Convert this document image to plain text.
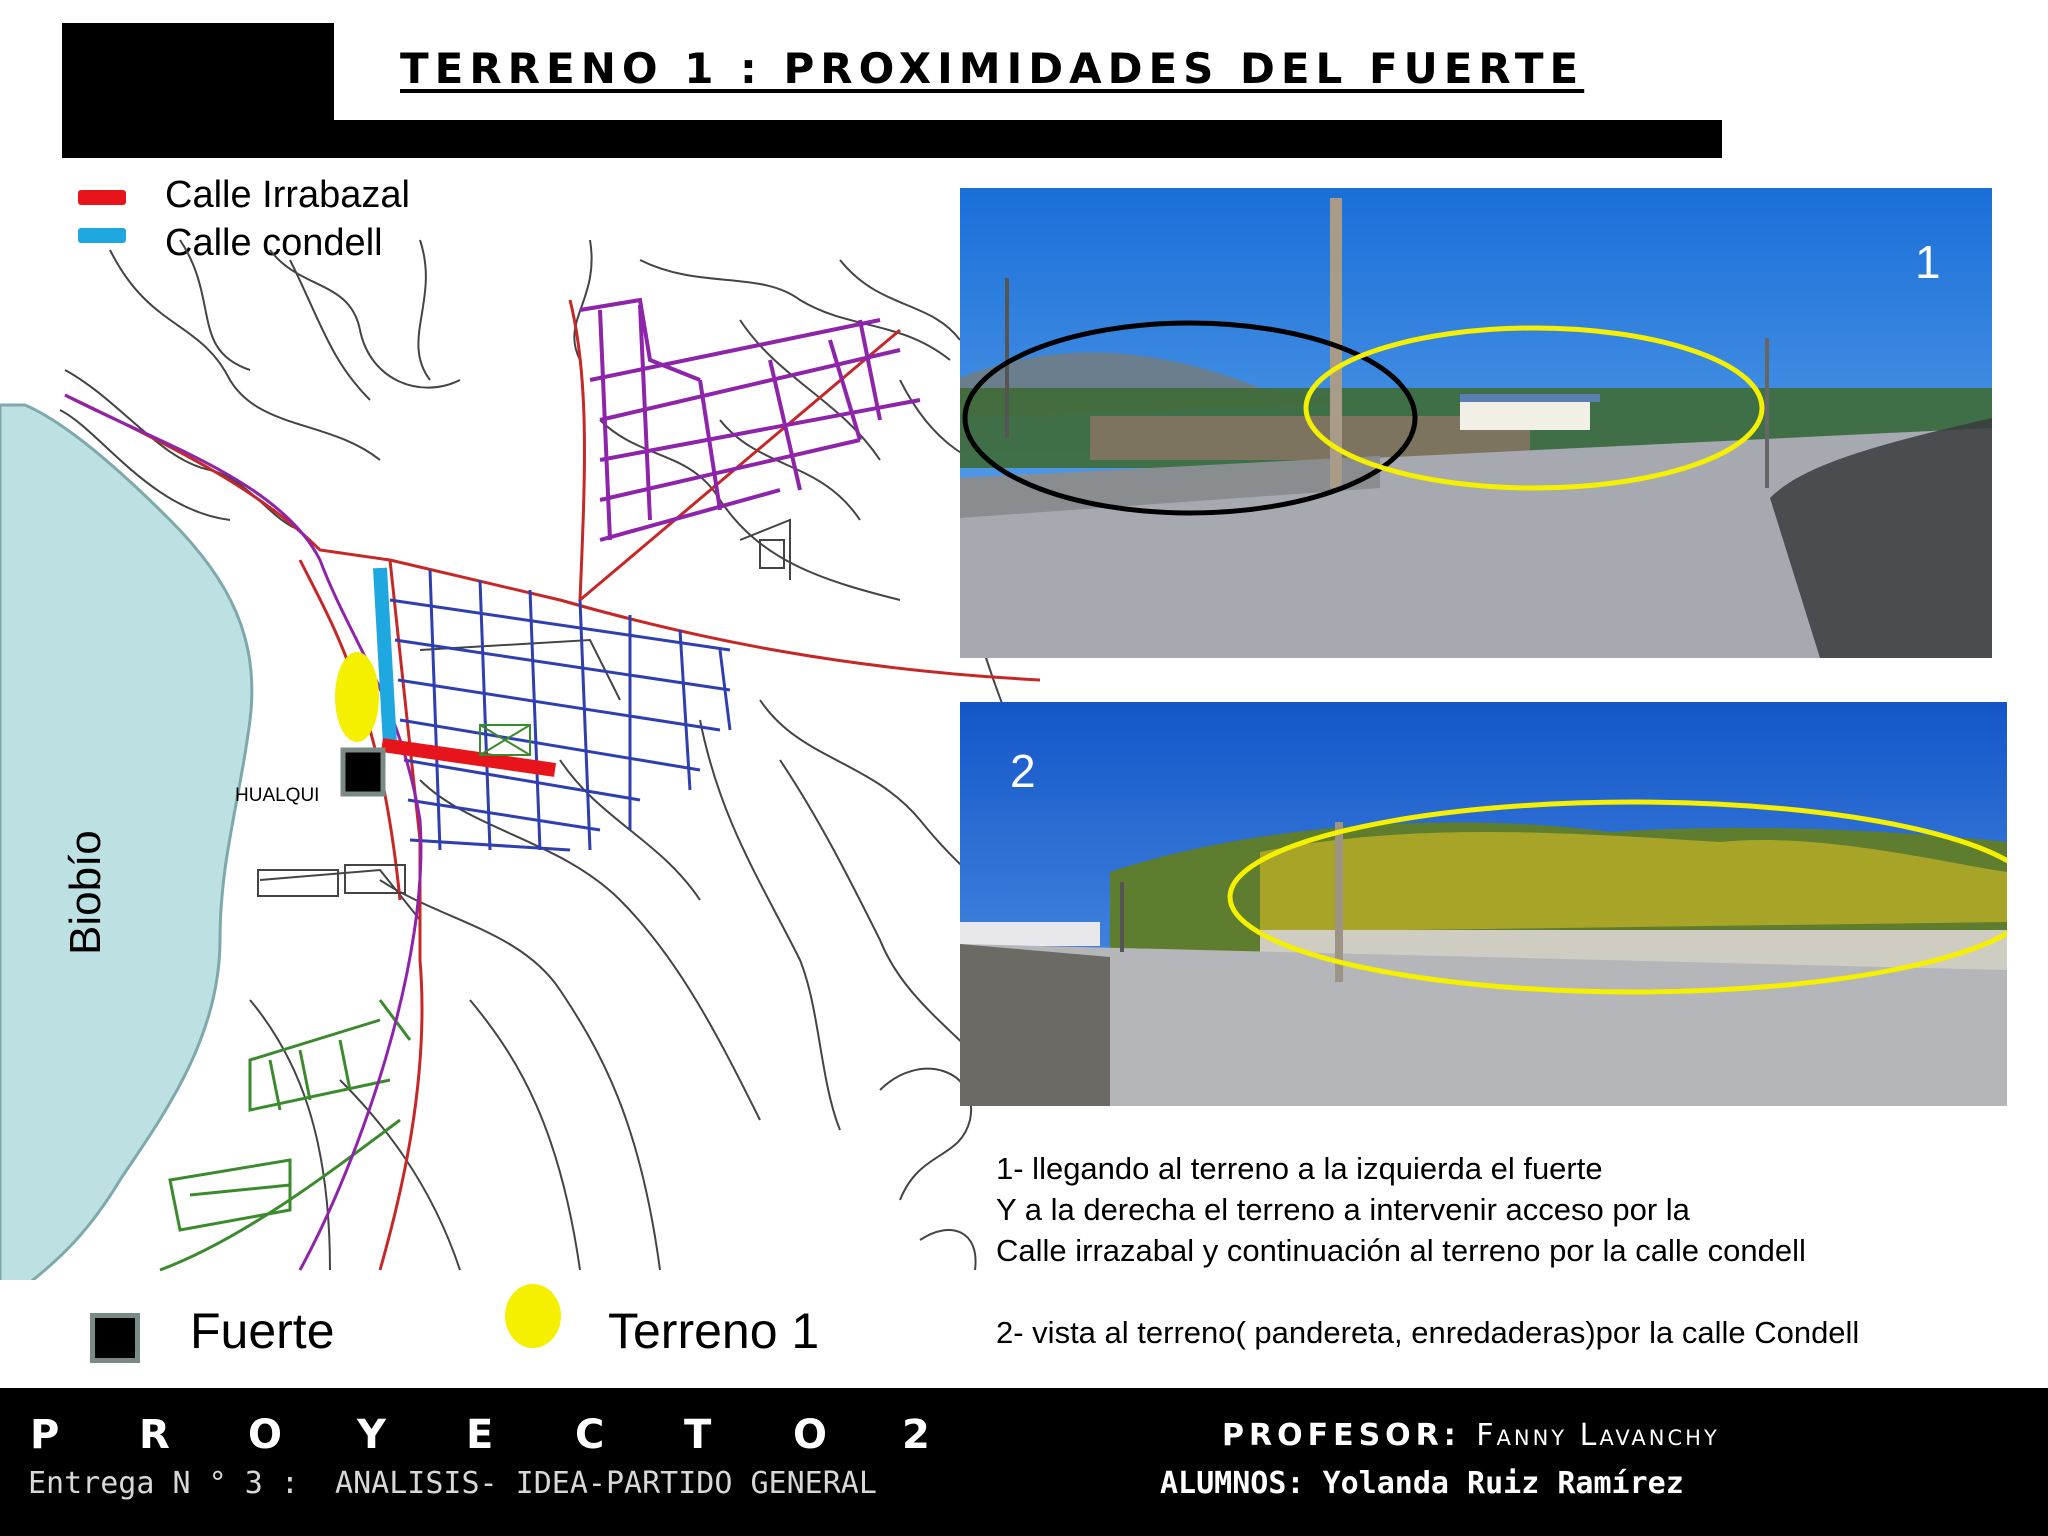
TERRENO 1 : PROXIMIDADES DEL FUERTE
Calle Irrabazal
Calle condell
HUALQUI
Biobío
1
2
1- llegando al terreno a la izquierda el fuerte
Y a la derecha el terreno a intervenir acceso por la
Calle irrazabal y continuación al terreno por la calle condell
2- vista al terreno( pandereta, enredaderas)por la calle Condell
Fuerte	Terreno 1
P R O Y E C T O 2
Entrega N ° 3 :  ANALISIS- IDEA-PARTIDO GENERAL
PROFESOR: Fanny Lavanchy
ALUMNOS: Yolanda Ruiz Ramírez
